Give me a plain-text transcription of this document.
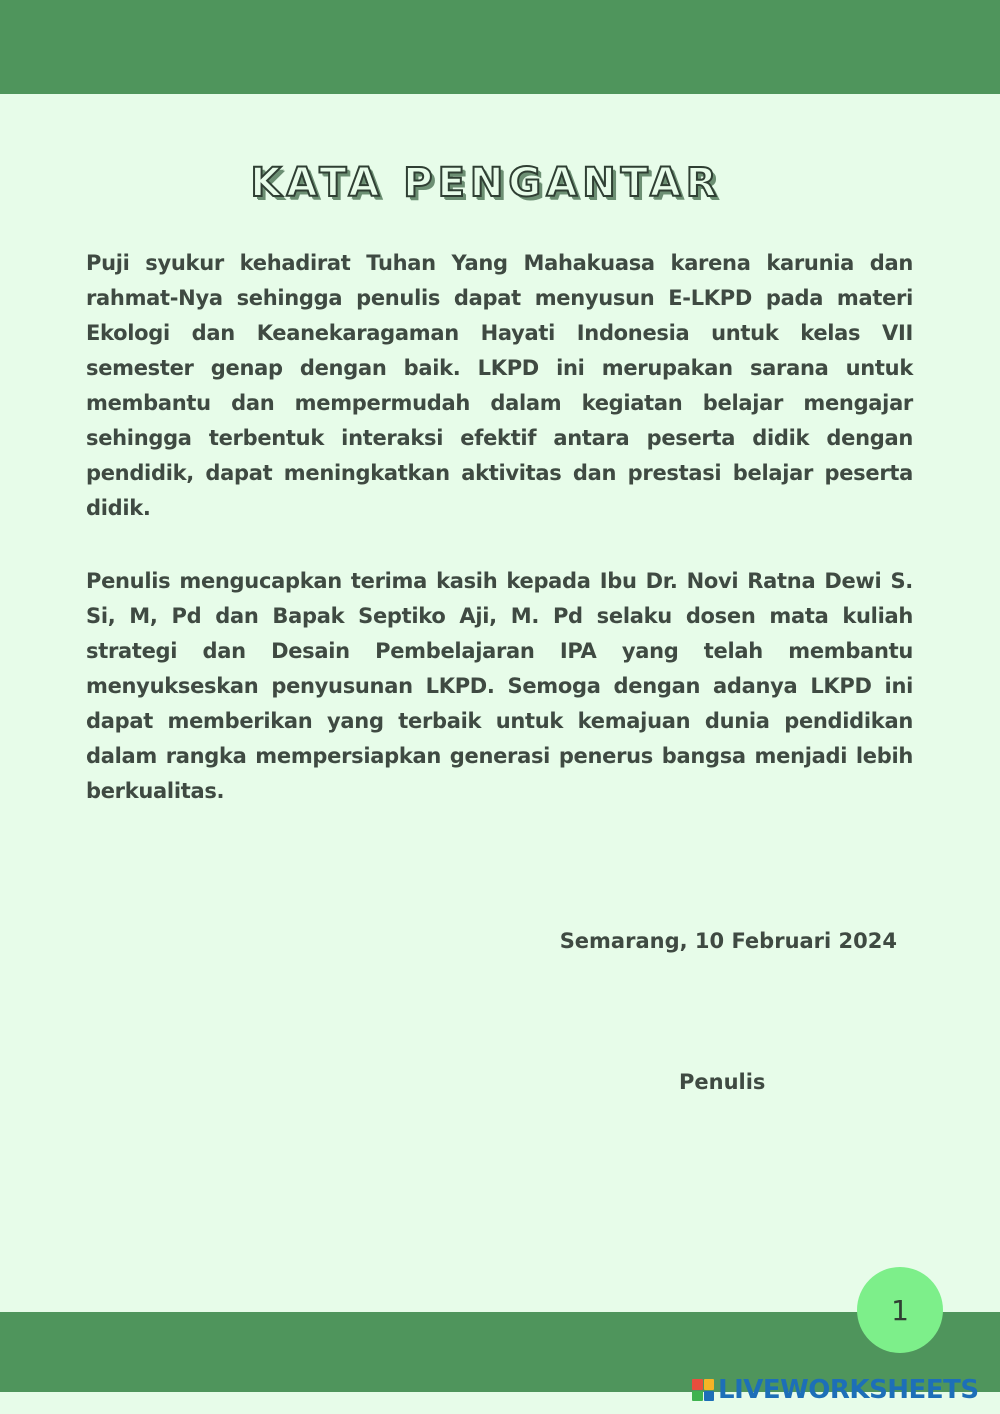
KATA PENGANTAR

Puji syukur kehadirat Tuhan Yang Mahakuasa karena karunia dan rahmat-Nya sehingga penulis dapat menyusun E-LKPD pada materi Ekologi dan Keanekaragaman Hayati Indonesia untuk kelas VII semester genap dengan baik. LKPD ini merupakan sarana untuk membantu dan mempermudah dalam kegiatan belajar mengajar sehingga terbentuk interaksi efektif antara peserta didik dengan pendidik, dapat meningkatkan aktivitas dan prestasi belajar peserta didik.

Penulis mengucapkan terima kasih kepada Ibu Dr. Novi Ratna Dewi S. Si, M, Pd dan Bapak Septiko Aji, M. Pd selaku dosen mata kuliah strategi dan Desain Pembelajaran IPA yang telah membantu menyukseskan penyusunan LKPD. Semoga dengan adanya LKPD ini dapat memberikan yang terbaik untuk kemajuan dunia pendidikan dalam rangka mempersiapkan generasi penerus bangsa menjadi lebih berkualitas.

Semarang, 10 Februari 2024

Penulis

1
LIVEWORKSHEETS
